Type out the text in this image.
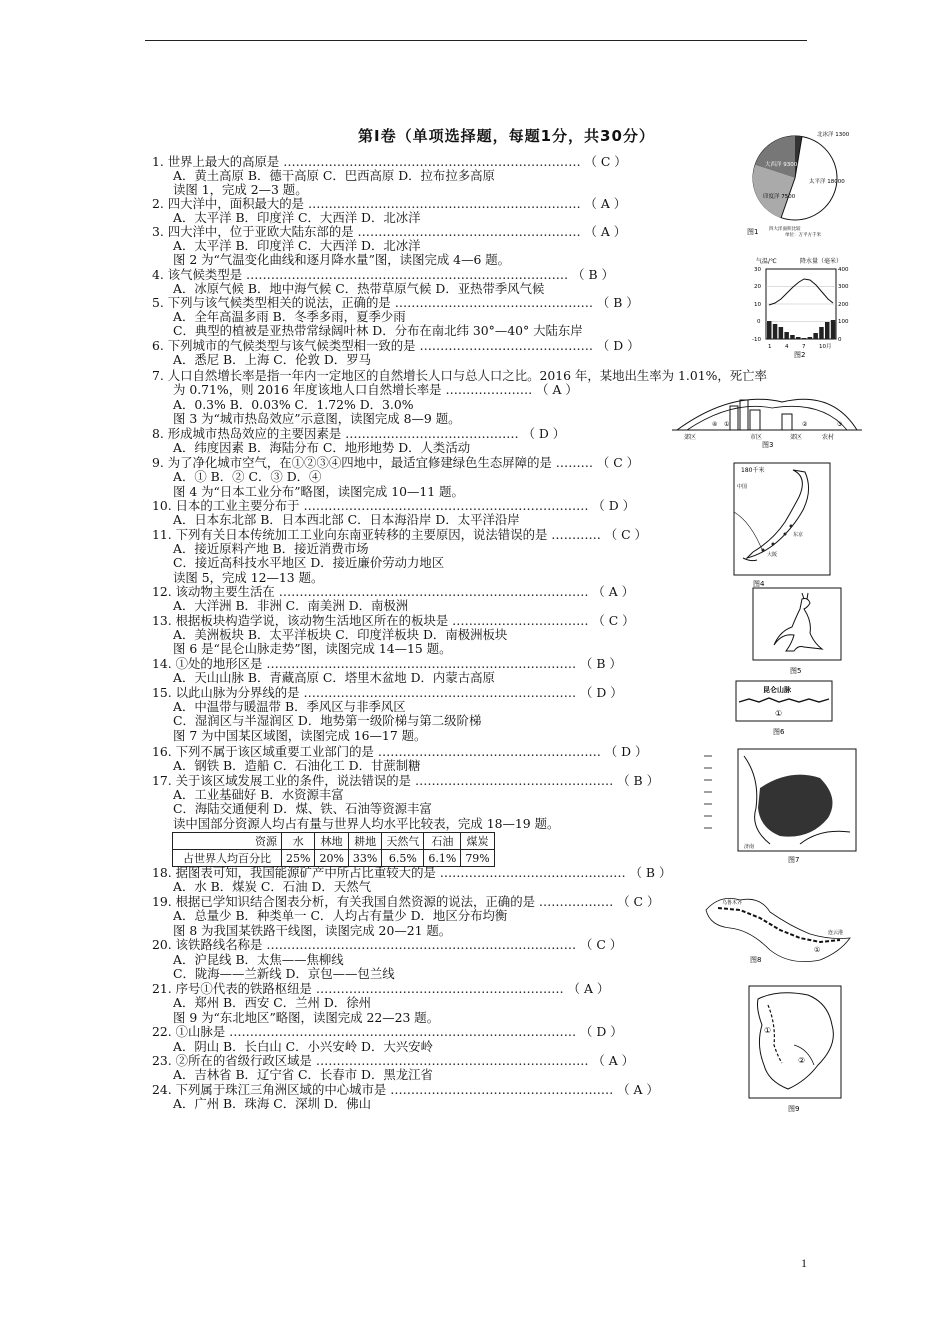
第Ⅰ卷（单项选择题，每题1分，共30分）
1. 世界上最大的高原是 ……………………………………………………………… （ C ）
A．黄土高原 B．德干高原 C．巴西高原 D．拉布拉多高原
读图 1，完成 2—3 题。
2. 四大洋中，面积最大的是 ………………………………………………………… （ A ）
A．太平洋 B．印度洋 C．大西洋 D．北冰洋
3. 四大洋中，位于亚欧大陆东部的是 ……………………………………………… （ A ）
A．太平洋 B．印度洋 C．大西洋 D．北冰洋
图 2 为“气温变化曲线和逐月降水量”图，读图完成 4—6 题。
4. 该气候类型是 …………………………………………………………………… （ B ）
A．冰原气候 B．地中海气候 C．热带草原气候 D．亚热带季风气候
5. 下列与该气候类型相关的说法，正确的是 ………………………………………… （ B ）
A．全年高温多雨 B．冬季多雨，夏季少雨
C．典型的植被是亚热带常绿阔叶林 D．分布在南北纬 30°—40° 大陆东岸
6. 下列城市的气候类型与该气候类型相一致的是 …………………………………… （ D ）
A．悉尼 B．上海 C．伦敦 D．罗马
7. 人口自然增长率是指一年内一定地区的自然增长人口与总人口之比。2016 年，某地出生率为 1.01%，死亡率
为 0.71%，则 2016 年度该地人口自然增长率是 ………………… （ A ）
A．0.3% B．0.03% C．1.72% D．3.0%
图 3 为“城市热岛效应”示意图，读图完成 8—9 题。
8. 形成城市热岛效应的主要因素是 …………………………………… （ D ）
A．纬度因素 B．海陆分布 C．地形地势 D．人类活动
9. 为了净化城市空气，在①②③④四地中，最适宜修建绿色生态屏障的是 ……… （ C ）
A．① B．② C．③ D．④
图 4 为“日本工业分布”略图，读图完成 10—11 题。
10. 日本的工业主要分布于 …………………………………………………………… （ D ）
A．日本东北部 B．日本西北部 C．日本海沿岸 D．太平洋沿岸
11. 下列有关日本传统加工工业向东南亚转移的主要原因，说法错误的是 ………… （ C ）
A．接近原料产地 B．接近消费市场
C．接近高科技水平地区 D．接近廉价劳动力地区
读图 5，完成 12—13 题。
12. 该动物主要生活在 ………………………………………………………………… （ A ）
A．大洋洲 B．非洲 C．南美洲 D．南极洲
13. 根据板块构造学说，该动物生活地区所在的板块是 …………………………… （ C ）
A．美洲板块 B．太平洋板块 C．印度洋板块 D．南极洲板块
图 6 是“昆仑山脉走势”图，读图完成 14—15 题。
14. ①处的地形区是 ………………………………………………………………… （ B ）
A．天山山脉 B．青藏高原 C．塔里木盆地 D．内蒙古高原
15. 以此山脉为分界线的是 ………………………………………………………… （ D ）
A．中温带与暖温带 B．季风区与非季风区
C．湿润区与半湿润区 D．地势第一级阶梯与第二级阶梯
图 7 为中国某区域图，读图完成 16—17 题。
16. 下列不属于该区域重要工业部门的是 ……………………………………………… （ D ）
A．钢铁 B．造船 C．石油化工 D．甘蔗制糖
17. 关于该区域发展工业的条件，说法错误的是 ………………………………………… （ B ）
A．工业基础好 B．水资源丰富
C．海陆交通便利 D．煤、铁、石油等资源丰富
读中国部分资源人均占有量与世界人均水平比较表，完成 18—19 题。
资源	水	林地	耕地	天然气	石油	煤炭
占世界人均百分比	25%	20%	33%	6.5%	6.1%	79%
18. 据图表可知，我国能源矿产中所占比重较大的是 ……………………………………… （ B ）
A．水 B．煤炭 C．石油 D．天然气
19. 根据已学知识结合图表分析，有关我国自然资源的说法，正确的是 ……………… （ C ）
A．总量少 B．种类单一 C．人均占有量少 D．地区分布均衡
图 8 为我国某铁路干线图，读图完成 20—21 题。
20. 该铁路线名称是 ………………………………………………………………… （ C ）
A．沪昆线 B．太焦——焦柳线
C．陇海——兰新线 D．京包——包兰线
21. 序号①代表的铁路枢纽是 …………………………………………………… （ A ）
A．郑州 B．西安 C．兰州 D．徐州
图 9 为“东北地区”略图，读图完成 22—23 题。
22. ①山脉是 ………………………………………………………………………… （ D ）
A．阴山 B．长白山 C．小兴安岭 D．大兴安岭
23. ②所在的省级行政区域是 ………………………………………………………… （ A ）
A．吉林省 B．辽宁省 C．长春市 D．黑龙江省
24. 下列属于珠江三角洲区域的中心城市是 ……………………………………………… （ A ）
A．广州 B．珠海 C．深圳 D．佛山
北冰洋 1300
大西洋 9300
太平洋 18000
印度洋 7500
图1 四大洋面积比较
单位：万平方千米
气温/℃	降水量（毫米）
30
20
10
0
-10
400
300
200
100
0
1 4 7 10月
图2
郊区	市区	郊区	农村
④ ①	②	③
图3
180千米
中国
东京
大阪
图4
图5
昆仑山脉
①
图6
济南
图7
乌鲁木齐
连云港
①
图8
①
②
图9
1
